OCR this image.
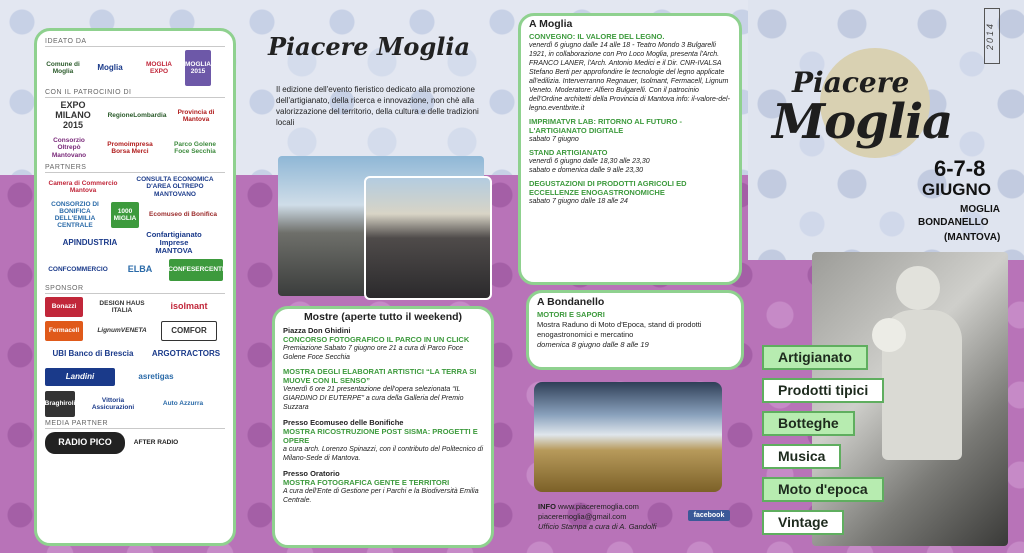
IDEATO DA
Comune di Moglia	Moglia	MOGLIA EXPO
MOGLIA 2015
CON IL PATROCINIO DI
EXPO MILANO 2015
RegioneLombardia
Provincia di Mantova
Consorzio Oltrepò Mantovano
Promoimpresa Borsa Merci
Parco Golene Foce Secchia
PARTNERS
Camera di Commercio Mantova
CONSULTA ECONOMICA D'AREA OLTREPO MANTOVANO
CONSORZIO DI BONIFICA DELL'EMILIA CENTRALE
1000 MIGLIA
Ecomuseo di Bonifica
APINDUSTRIA
Confartigianato Imprese MANTOVA
CONFCOMMERCIO	ELBA	CONFESERCENTI
SPONSOR
Bonazzi
DESIGN HAUS ITALIA	isolmant
Fermacell	LignumVENETA	COMFOR
UBI Banco di Brescia	ARGOTRACTORS
Landini	asretigas
Braghiroli
Vittoria Assicurazioni
Auto Azzurra
MEDIA PARTNER
RADIO PICO	AFTER RADIO
Piacere Moglia
Il edizione dell'evento fieristico dedicato alla promozione dell'artigianato, della ricerca e innovazione, non chè alla valorizzazione del territorio, della cultura e delle tradizioni locali
Mostre (aperte tutto il weekend)
Piazza Don Ghidini
CONCORSO FOTOGRAFICO IL PARCO IN UN CLICK
Premiazione Sabato 7 giugno ore 21 a cura di Parco Foce Golene Foce Secchia
MOSTRA DEGLI ELABORATI ARTISTICI “LA TERRA SI MUOVE CON IL SENSO”
Venerdì 6 ore 21 presentazione dell'opera selezionata “IL GIARDINO DI EUTERPE” a cura della Galleria del Premio Suzzara
Presso Ecomuseo delle Bonifiche
MOSTRA RICOSTRUZIONE POST SISMA: PROGETTI E OPERE
a cura arch. Lorenzo Spinazzi, con il contributo del Politecnico di Milano-Sede di Mantova.
Presso Oratorio
MOSTRA FOTOGRAFICA GENTE E TERRITORI
A cura dell'Ente di Gestione per i Parchi e la Biodiversità Emilia Centrale.
A Moglia
CONVEGNO: IL VALORE DEL LEGNO.
venerdì 6 giugno dalle 14 alle 18 - Teatro Mondo 3 Bulgarelli 1921, in collaborazione con Pro Loco Moglia, presenta l'Arch. FRANCO LANER, l'Arch. Antonio Medici e il Dir. CNR-IVALSA Stefano Berti per approfondire le tecnologie del legno applicate all'edilizia. Interverranno Regnauer, Isolmant, Fermacell, Lignum Veneto. Moderatore: Alfiero Bulgarelli. Con il patrocinio dell'Ordine architetti della Provincia di Mantova info: il-valore-del-legno.eventbrite.it
IMPRIMATVR LAB: RITORNO AL FUTURO - L'ARTIGIANATO DIGITALE
sabato 7 giugno
STAND ARTIGIANATO
venerdì 6 giugno dalle 18,30 alle 23,30
sabato e domenica dalle 9 alle 23,30
DEGUSTAZIONI DI PRODOTTI AGRICOLI ED ECCELLENZE ENOGASTRONOMICHE
sabato 7 giugno dalle 18 alle 24
A Bondanello
MOTORI E SAPORI
Mostra Raduno di Moto d'Epoca, stand di prodotti enogastronomici e mercatino
domenica 8 giugno dalle 8 alle 19
INFO www.piaceremoglia.com
piaceremoglia@gmail.com
Ufficio Stampa a cura di A. Gandolfi
facebook
2014
Piacere
Moglia
6-7-8
GIUGNO
MOGLIA
BONDANELLO
(MANTOVA)
Artigianato
Prodotti tipici
Botteghe
Musica
Moto d'epoca
Vintage
